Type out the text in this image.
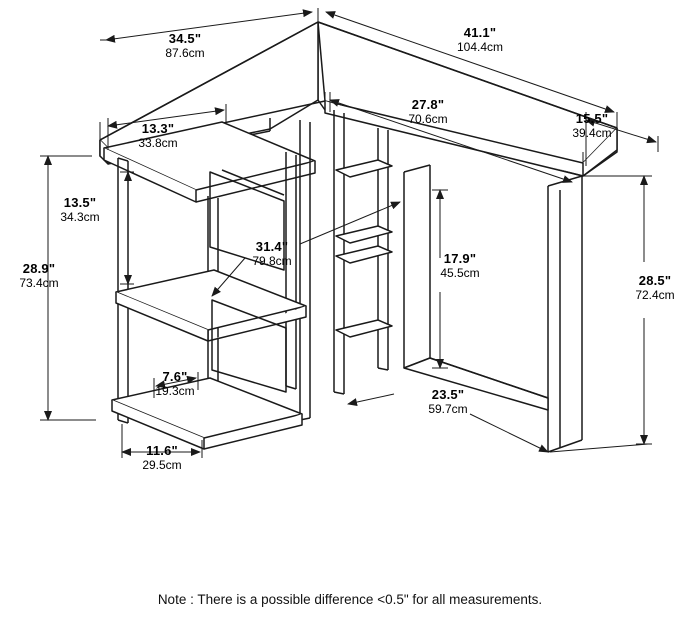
34.5"
87.6cm
41.1"
104.4cm
13.3"
33.8cm
27.8"
70.6cm	15.5"
39.4cm
13.5"
34.3cm
28.9"
73.4cm
31.4"
79.8cm	17.9"
45.5cm
28.5"
72.4cm
7.6"
19.3cm
11.6"
29.5cm
23.5"
59.7cm
Note : There is a possible difference <0.5" for all measurements.
